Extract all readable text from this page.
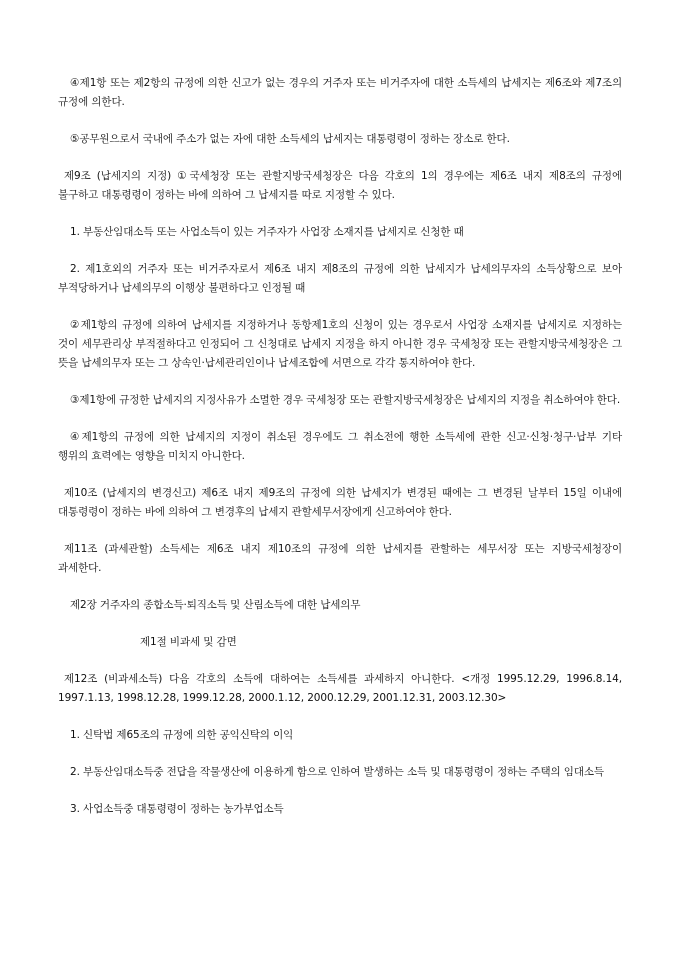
④제1항 또는 제2항의 규정에 의한 신고가 없는 경우의 거주자 또는 비거주자에 대한 소득세의 납세지는 제6조와 제7조의 규정에 의한다.

⑤공무원으로서 국내에 주소가 없는 자에 대한 소득세의 납세지는 대통령령이 정하는 장소로 한다.

제9조 (납세지의 지정) ①국세청장 또는 관할지방국세청장은 다음 각호의 1의 경우에는 제6조 내지 제8조의 규정에 불구하고 대통령령이 정하는 바에 의하여 그 납세지를 따로 지정할 수 있다.

1. 부동산임대소득 또는 사업소득이 있는 거주자가 사업장 소재지를 납세지로 신청한 때

2. 제1호외의 거주자 또는 비거주자로서 제6조 내지 제8조의 규정에 의한 납세지가 납세의무자의 소득상황으로 보아 부적당하거나 납세의무의 이행상 불편하다고 인정될 때

②제1항의 규정에 의하여 납세지를 지정하거나 동항제1호의 신청이 있는 경우로서 사업장 소재지를 납세지로 지정하는 것이 세무관리상 부적절하다고 인정되어 그 신청대로 납세지 지정을 하지 아니한 경우 국세청장 또는 관할지방국세청장은 그 뜻을 납세의무자 또는 그 상속인·납세관리인이나 납세조합에 서면으로 각각 통지하여야 한다.

③제1항에 규정한 납세지의 지정사유가 소멸한 경우 국세청장 또는 관할지방국세청장은 납세지의 지정을 취소하여야 한다.

④제1항의 규정에 의한 납세지의 지정이 취소된 경우에도 그 취소전에 행한 소득세에 관한 신고·신청·청구·납부 기타 행위의 효력에는 영향을 미치지 아니한다.

제10조 (납세지의 변경신고) 제6조 내지 제9조의 규정에 의한 납세지가 변경된 때에는 그 변경된 날부터 15일 이내에 대통령령이 정하는 바에 의하여 그 변경후의 납세지 관할세무서장에게 신고하여야 한다.

제11조 (과세관할) 소득세는 제6조 내지 제10조의 규정에 의한 납세지를 관할하는 세무서장 또는 지방국세청장이 과세한다.

제2장 거주자의 종합소득·퇴직소득 및 산림소득에 대한 납세의무

제1절 비과세 및 감면

제12조 (비과세소득) 다음 각호의 소득에 대하여는 소득세를 과세하지 아니한다. <개정 1995.12.29, 1996.8.14, 1997.1.13, 1998.12.28, 1999.12.28, 2000.1.12, 2000.12.29, 2001.12.31, 2003.12.30>

1. 신탁법 제65조의 규정에 의한 공익신탁의 이익

2. 부동산임대소득중 전답을 작물생산에 이용하게 함으로 인하여 발생하는 소득 및 대통령령이 정하는 주택의 임대소득

3. 사업소득중 대통령령이 정하는 농가부업소득
